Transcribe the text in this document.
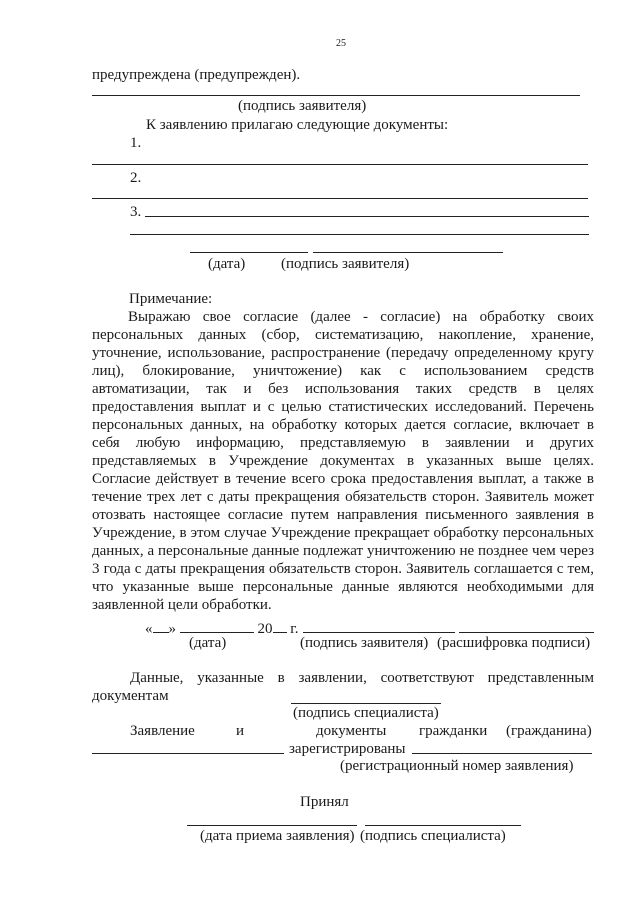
25
предупреждена (предупрежден).
(подпись заявителя)
К заявлению прилагаю следующие документы:
1.
2.
3.
(дата) (подпись заявителя)
Примечание:
Выражаю свое согласие (далее - согласие) на обработку своих персональных данных (сбор, систематизацию, накопление, хранение, уточнение, использование, распространение (передачу определенному кругу лиц), блокирование, уничтожение) как с использованием средств автоматизации, так и без использования таких средств в целях предоставления выплат и с целью статистических исследований. Перечень персональных данных, на обработку которых дается согласие, включает в себя любую информацию, представляемую в заявлении и других представляемых в Учреждение документах в указанных выше целях. Согласие действует в течение всего срока предоставления выплат, а также в течение трех лет с даты прекращения обязательств сторон. Заявитель может отозвать настоящее согласие путем направления письменного заявления в Учреждение, в этом случае Учреждение прекращает обработку персональных данных, а персональные данные подлежат уничтожению не позднее чем через 3 года с даты прекращения обязательств сторон. Заявитель соглашается с тем, что указанные выше персональные данные являются необходимыми для заявленной цели обработки.
« »	20 г.
(дата)	(подпись заявителя) (расшифровка подписи)
Данные, указанные в заявлении, соответствуют представленным документам
(подпись специалиста)
Заявление	и	документы гражданки (гражданина)
зарегистрированы
(регистрационный номер заявления)
Принял
(дата приема заявления) (подпись специалиста)
